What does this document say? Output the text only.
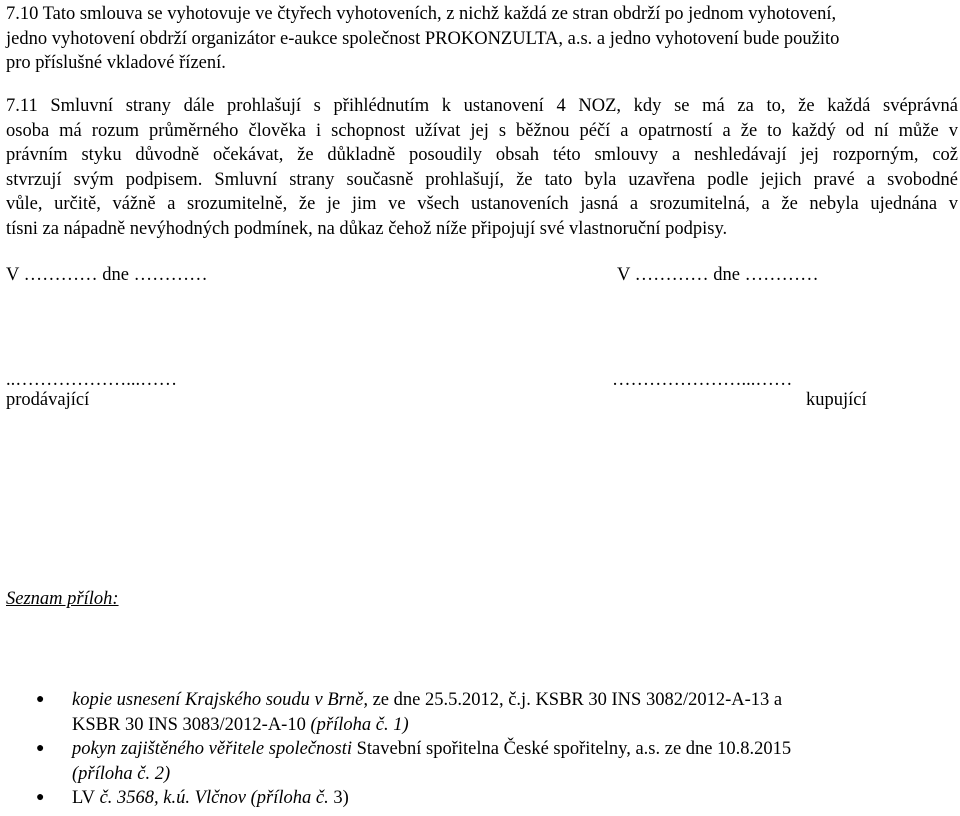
7.10 Tato smlouva se vyhotovuje ve čtyřech vyhotoveních, z nichž každá ze stran obdrží po jednom vyhotovení,
jedno vyhotovení obdrží organizátor e-aukce společnost PROKONZULTA, a.s. a jedno vyhotovení bude použito
pro příslušné vkladové řízení.
7.11 Smluvní strany dále prohlašují s přihlédnutím k ustanovení 4 NOZ, kdy se má za to, že každá svéprávná
osoba má rozum průměrného člověka i schopnost užívat jej s běžnou péčí a opatrností a že to každý od ní může v
právním styku důvodně očekávat, že důkladně posoudily obsah této smlouvy a neshledávají jej rozporným, což
stvrzují svým podpisem. Smluvní strany současně prohlašují, že tato byla uzavřena podle jejich pravé a svobodné
vůle, určitě, vážně a srozumitelně, že je jim ve všech ustanoveních jasná a srozumitelná, a že nebyla ujednána v
tísni za nápadně nevýhodných podmínek, na důkaz čehož níže připojují své vlastnoruční podpisy.
V ………… dne …………	V ………… dne …………
..………………...……	…………………...……
prodávající	kupující
Seznam příloh:
● kopie usnesení Krajského soudu v Brně, ze dne 25.5.2012, č.j. KSBR 30 INS 3082/2012-A-13 a
KSBR 30 INS 3083/2012-A-10 (příloha č. 1)
● pokyn zajištěného věřitele společnosti Stavební spořitelna České spořitelny, a.s. ze dne 10.8.2015
(příloha č. 2)
● LV č. 3568, k.ú. Vlčnov (příloha č. 3)
